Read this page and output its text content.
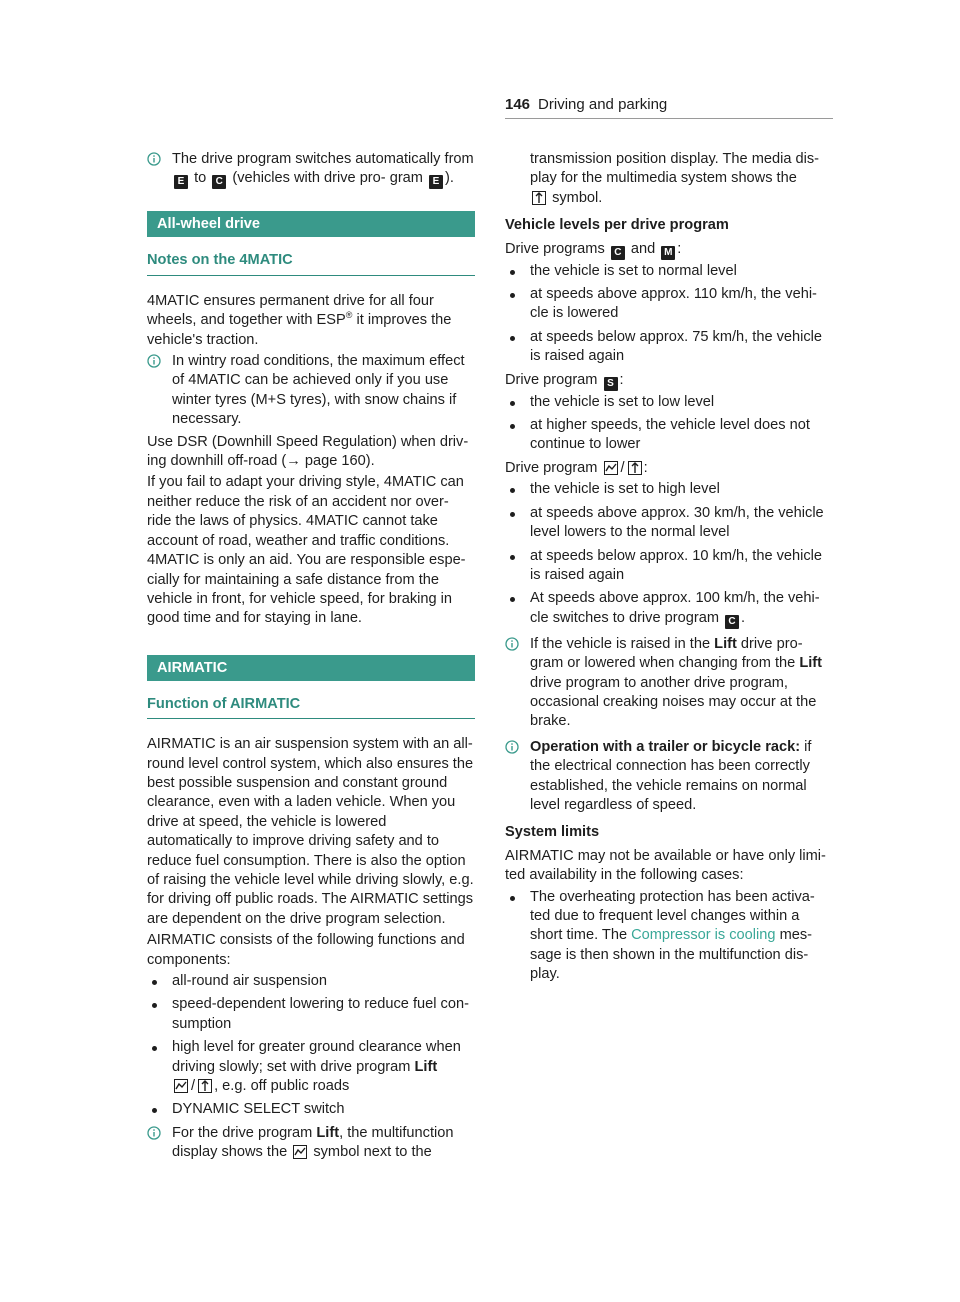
146 Driving and parking
The drive program switches automatically from E to C (vehicles with drive pro- gram E ).
All-wheel drive
Notes on the 4MATIC

4MATIC ensures permanent drive for all four wheels, and together with ESP® it improves the vehicle's traction.

In wintry road conditions, the maximum effect of 4MATIC can be achieved only if you use winter tyres (M+S tyres), with snow chains if necessary.

Use DSR (Downhill Speed Regulation) when driv- ing downhill off-road (→ page 160).

If you fail to adapt your driving style, 4MATIC can neither reduce the risk of an accident nor over- ride the laws of physics. 4MATIC cannot take account of road, weather and traffic conditions. 4MATIC is only an aid. You are responsible espe- cially for maintaining a safe distance from the vehicle in front, for vehicle speed, for braking in good time and for staying in lane.

AIRMATIC
Function of AIRMATIC

AIRMATIC is an air suspension system with an all- round level control system, which also ensures the best possible suspension and constant ground clearance, even with a laden vehicle. When you drive at speed, the vehicle is lowered automatically to improve driving safety and to reduce fuel consumption. There is also the option of raising the vehicle level while driving slowly, e.g. for driving off public roads. The AIRMATIC settings are dependent on the drive program selection.

AIRMATIC consists of the following functions and components:

all-round air suspension
speed-dependent lowering to reduce fuel con- sumption
high level for greater ground clearance when driving slowly; set with drive program Lift

/ , e.g. off public roads
DYNAMIC SELECT switch
For the drive program Lift, the multifunction display shows the symbol next to the
transmission position display. The media dis- play for the multimedia system shows the

symbol.
Vehicle levels per drive program

Drive programs C and M :

the vehicle is set to normal level
at speeds above approx. 110 km/h, the vehi- cle is lowered
at speeds below approx. 75 km/h, the vehicle is raised again

Drive program S :

the vehicle is set to low level
at higher speeds, the vehicle level does not continue to lower

Drive program / :

the vehicle is set to high level
at speeds above approx. 30 km/h, the vehicle level lowers to the normal level
at speeds below approx. 10 km/h, the vehicle is raised again
At speeds above approx. 100 km/h, the vehi- cle switches to drive program C .
If the vehicle is raised in the Lift drive pro- gram or lowered when changing from the Lift drive program to another drive program, occasional creaking noises may occur at the brake.
Operation with a trailer or bicycle rack: if the electrical connection has been correctly established, the vehicle remains on normal level regardless of speed.
System limits

AIRMATIC may not be available or have only limi- ted availability in the following cases:

The overheating protection has been activa- ted due to frequent level changes within a short time. The Compressor is cooling mes- sage is then shown in the multifunction dis- play.
